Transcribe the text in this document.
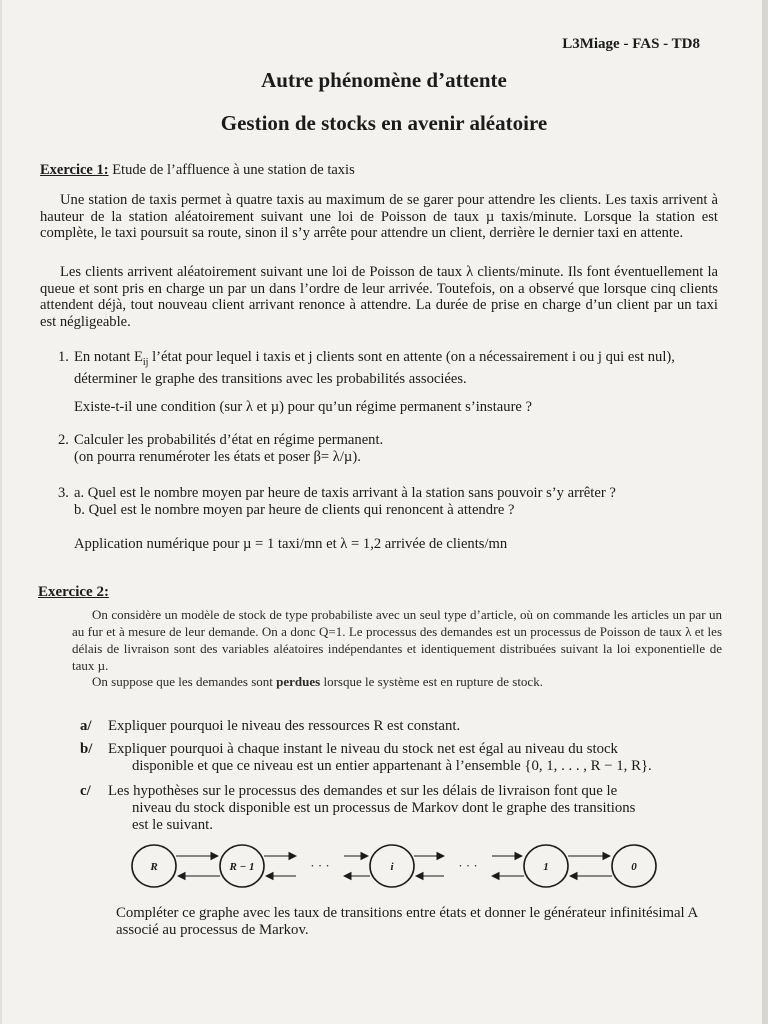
L3Miage - FAS - TD8
Autre phénomène d’attente
Gestion de stocks en avenir aléatoire
Exercice 1: Etude de l’affluence à une station de taxis
Une station de taxis permet à quatre taxis au maximum de se garer pour attendre les clients. Les taxis arrivent à hauteur de la station aléatoirement suivant une loi de Poisson de taux µ taxis/minute. Lorsque la station est complète, le taxi poursuit sa route, sinon il s’y arrête pour attendre un client, derrière le dernier taxi en attente.
Les clients arrivent aléatoirement suivant une loi de Poisson de taux λ clients/minute. Ils font éventuellement la queue et sont pris en charge un par un dans l’ordre de leur arrivée. Toutefois, on a observé que lorsque cinq clients attendent déjà, tout nouveau client arrivant renonce à attendre. La durée de prise en charge d’un client par un taxi est négligeable.
1. En notant $E_{ij}$ l’état pour lequel i taxis et j clients sont en attente (on a nécessairement i ou j qui est nul), déterminer le graphe des transitions avec les probabilités associées.
Existe-t-il une condition (sur λ et µ) pour qu’un régime permanent s’instaure ?
2. Calculer les probabilités d’état en régime permanent.
(on pourra renuméroter les états et poser β= λ/µ).
3. a. Quel est le nombre moyen par heure de taxis arrivant à la station sans pouvoir s’y arrêter ?
b. Quel est le nombre moyen par heure de clients qui renoncent à attendre ?
Application numérique pour µ = 1 taxi/mn et λ = 1,2 arrivée de clients/mn
Exercice 2:
On considère un modèle de stock de type probabiliste avec un seul type d’article, où on commande les articles un par un au fur et à mesure de leur demande. On a donc Q=1. Le processus des demandes est un processus de Poisson de taux λ et les délais de livraison sont des variables aléatoires indépendantes et identiquement distribuées suivant la loi exponentielle de taux µ.
On suppose que les demandes sont perdues lorsque le système est en rupture de stock.
a/ Expliquer pourquoi le niveau des ressources R est constant.
b/ Expliquer pourquoi à chaque instant le niveau du stock net est égal au niveau du stock
disponible et que ce niveau est un entier appartenant à l’ensemble {0, 1, . . . , R − 1, R}.
c/ Les hypothèses sur le processus des demandes et sur les délais de livraison font que le
niveau du stock disponible est un processus de Markov dont le graphe des transitions
est le suivant.
R	R − 1	i	1	0
· · ·	· · ·
Compléter ce graphe avec les taux de transitions entre états et donner le générateur infinitésimal A associé au processus de Markov.
